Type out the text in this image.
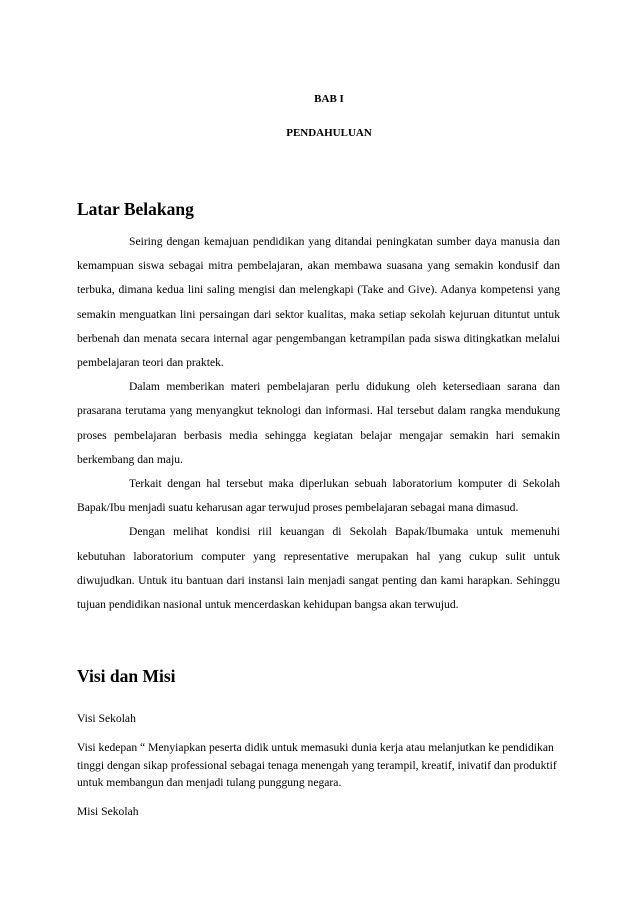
BAB I
PENDAHULUAN
Latar Belakang

Seiring dengan kemajuan pendidikan yang ditandai peningkatan sumber daya manusia dan kemampuan siswa sebagai mitra pembelajaran, akan membawa suasana yang semakin kondusif dan terbuka, dimana kedua lini saling mengisi dan melengkapi (Take and Give). Adanya kompetensi yang semakin menguatkan lini persaingan dari sektor kualitas, maka setiap sekolah kejuruan dituntut untuk berbenah dan menata secara internal agar pengembangan ketrampilan pada siswa ditingkatkan melalui pembelajaran teori dan praktek.

Dalam memberikan materi pembelajaran perlu didukung oleh ketersediaan sarana dan prasarana terutama yang menyangkut teknologi dan informasi. Hal tersebut dalam rangka mendukung proses pembelajaran berbasis media sehingga kegiatan belajar mengajar semakin hari semakin berkembang dan maju.

Terkait dengan hal tersebut maka diperlukan sebuah laboratorium komputer di Sekolah Bapak/Ibu menjadi suatu keharusan agar terwujud proses pembelajaran sebagai mana dimasud.

Dengan melihat kondisi riil keuangan di Sekolah Bapak/Ibumaka untuk memenuhi kebutuhan laboratorium computer yang representative merupakan hal yang cukup sulit untuk diwujudkan. Untuk itu bantuan dari instansi lain menjadi sangat penting dan kami harapkan. Sehinggu tujuan pendidikan nasional untuk mencerdaskan kehidupan bangsa akan terwujud.

Visi dan Misi
Visi Sekolah

Visi kedepan “ Menyiapkan peserta didik untuk memasuki dunia kerja atau melanjutkan ke pendidikan tinggi dengan sikap professional sebagai tenaga menengah yang terampil, kreatif, inivatif dan produktif untuk membangun dan menjadi tulang punggung negara.

Misi Sekolah
